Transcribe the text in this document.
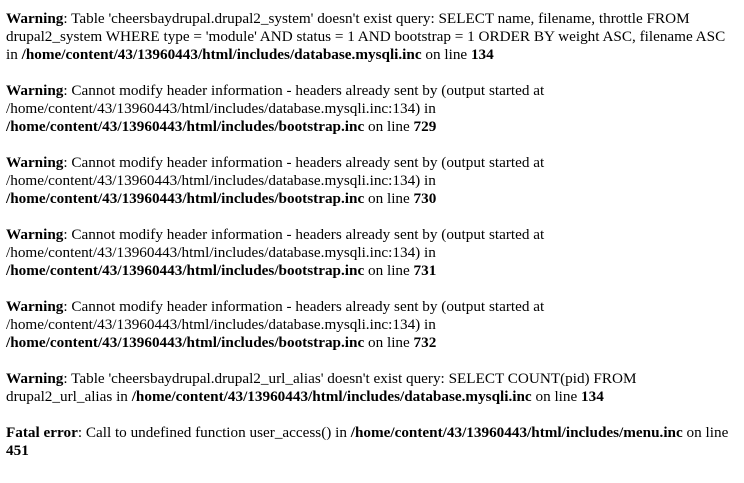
Warning: Table 'cheersbaydrupal.drupal2_system' doesn't exist query: SELECT name, filename, throttle FROM drupal2_system WHERE type = 'module' AND status = 1 AND bootstrap = 1 ORDER BY weight ASC, filename ASC in /home/content/43/13960443/html/includes/database.mysqli.inc on line 134
Warning: Cannot modify header information - headers already sent by (output started at /home/content/43/13960443/html/includes/database.mysqli.inc:134) in /home/content/43/13960443/html/includes/bootstrap.inc on line 729
Warning: Cannot modify header information - headers already sent by (output started at /home/content/43/13960443/html/includes/database.mysqli.inc:134) in /home/content/43/13960443/html/includes/bootstrap.inc on line 730
Warning: Cannot modify header information - headers already sent by (output started at /home/content/43/13960443/html/includes/database.mysqli.inc:134) in /home/content/43/13960443/html/includes/bootstrap.inc on line 731
Warning: Cannot modify header information - headers already sent by (output started at /home/content/43/13960443/html/includes/database.mysqli.inc:134) in /home/content/43/13960443/html/includes/bootstrap.inc on line 732
Warning: Table 'cheersbaydrupal.drupal2_url_alias' doesn't exist query: SELECT COUNT(pid) FROM drupal2_url_alias in /home/content/43/13960443/html/includes/database.mysqli.inc on line 134
Fatal error: Call to undefined function user_access() in /home/content/43/13960443/html/includes/menu.inc on line 451
